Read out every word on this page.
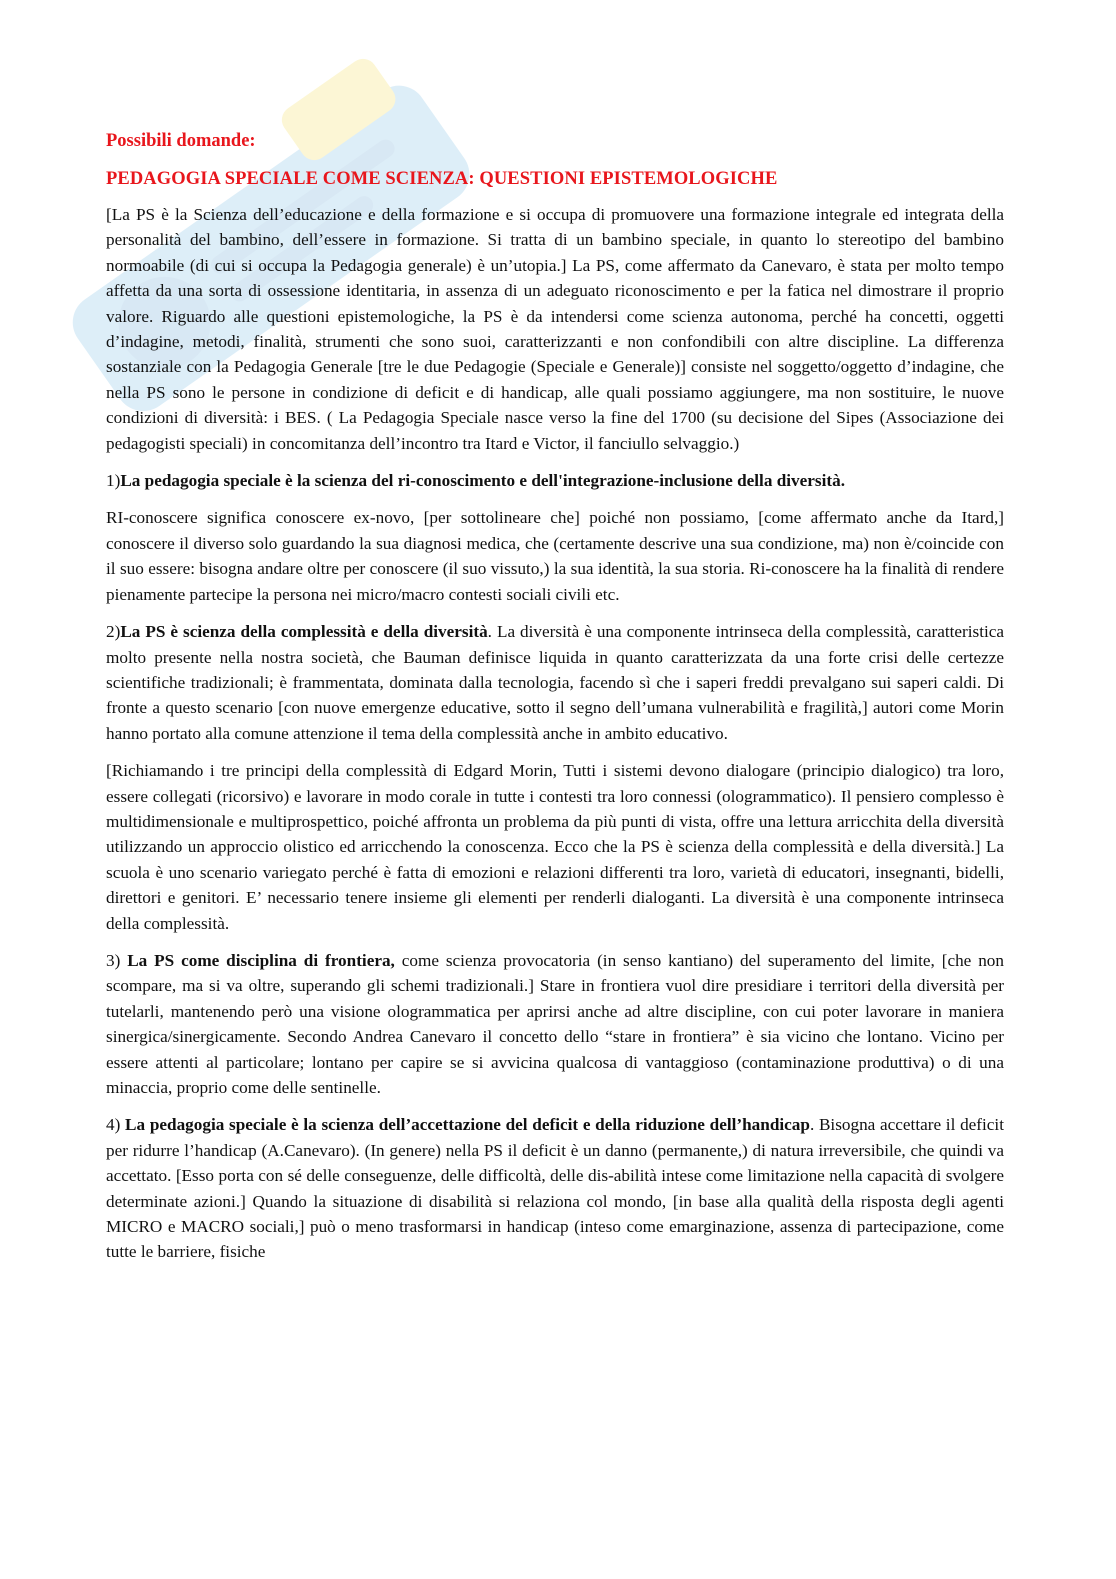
Possibili domande:
PEDAGOGIA SPECIALE COME SCIENZA: QUESTIONI EPISTEMOLOGICHE

[La PS è la Scienza dell’educazione e della formazione e si occupa di promuovere una formazione integrale ed integrata della personalità del bambino, dell’essere in formazione. Si tratta di un bambino speciale, in quanto lo stereotipo del bambino normoabile (di cui si occupa la Pedagogia generale) è un’utopia.] La PS, come affermato da Canevaro, è stata per molto tempo affetta da una sorta di ossessione identitaria, in assenza di un adeguato riconoscimento e per la fatica nel dimostrare il proprio valore. Riguardo alle questioni epistemologiche, la PS è da intendersi come scienza autonoma, perché ha concetti, oggetti d’indagine, metodi, finalità, strumenti che sono suoi, caratterizzanti e non confondibili con altre discipline. La differenza sostanziale con la Pedagogia Generale [tre le due Pedagogie (Speciale e Generale)] consiste nel soggetto/oggetto d’indagine, che nella PS sono le persone in condizione di deficit e di handicap, alle quali possiamo aggiungere, ma non sostituire, le nuove condizioni di diversità: i BES. ( La Pedagogia Speciale nasce verso la fine del 1700 (su decisione del Sipes (Associazione dei pedagogisti speciali) in concomitanza dell’incontro tra Itard e Victor, il fanciullo selvaggio.)

1)La pedagogia speciale è la scienza del ri-conoscimento e dell'integrazione-inclusione della diversità.

RI-conoscere significa conoscere ex-novo, [per sottolineare che] poiché non possiamo, [come affermato anche da Itard,] conoscere il diverso solo guardando la sua diagnosi medica, che (certamente descrive una sua condizione, ma) non è/coincide con il suo essere: bisogna andare oltre per conoscere (il suo vissuto,) la sua identità, la sua storia. Ri-conoscere ha la finalità di rendere pienamente partecipe la persona nei micro/macro contesti sociali civili etc.

2)La PS è scienza della complessità e della diversità. La diversità è una componente intrinseca della complessità, caratteristica molto presente nella nostra società, che Bauman definisce liquida in quanto caratterizzata da una forte crisi delle certezze scientifiche tradizionali; è frammentata, dominata dalla tecnologia, facendo sì che i saperi freddi prevalgano sui saperi caldi. Di fronte a questo scenario [con nuove emergenze educative, sotto il segno dell’umana vulnerabilità e fragilità,] autori come Morin hanno portato alla comune attenzione il tema della complessità anche in ambito educativo.

[Richiamando i tre principi della complessità di Edgard Morin, Tutti i sistemi devono dialogare (principio dialogico) tra loro, essere collegati (ricorsivo) e lavorare in modo corale in tutte i contesti tra loro connessi (ologrammatico). Il pensiero complesso è multidimensionale e multiprospettico, poiché affronta un problema da più punti di vista, offre una lettura arricchita della diversità utilizzando un approccio olistico ed arricchendo la conoscenza. Ecco che la PS è scienza della complessità e della diversità.] La scuola è uno scenario variegato perché è fatta di emozioni e relazioni differenti tra loro, varietà di educatori, insegnanti, bidelli, direttori e genitori. E’ necessario tenere insieme gli elementi per renderli dialoganti. La diversità è una componente intrinseca della complessità.

3) La PS come disciplina di frontiera, come scienza provocatoria (in senso kantiano) del superamento del limite, [che non scompare, ma si va oltre, superando gli schemi tradizionali.] Stare in frontiera vuol dire presidiare i territori della diversità per tutelarli, mantenendo però una visione ologrammatica per aprirsi anche ad altre discipline, con cui poter lavorare in maniera sinergica/sinergicamente. Secondo Andrea Canevaro il concetto dello “stare in frontiera” è sia vicino che lontano. Vicino per essere attenti al particolare; lontano per capire se si avvicina qualcosa di vantaggioso (contaminazione produttiva) o di una minaccia, proprio come delle sentinelle.

4) La pedagogia speciale è la scienza dell’accettazione del deficit e della riduzione dell’handicap. Bisogna accettare il deficit per ridurre l’handicap (A.Canevaro). (In genere) nella PS il deficit è un danno (permanente,) di natura irreversibile, che quindi va accettato. [Esso porta con sé delle conseguenze, delle difficoltà, delle dis-abilità intese come limitazione nella capacità di svolgere determinate azioni.] Quando la situazione di disabilità si relaziona col mondo, [in base alla qualità della risposta degli agenti MICRO e MACRO sociali,] può o meno trasformarsi in handicap (inteso come emarginazione, assenza di partecipazione, come tutte le barriere, fisiche
